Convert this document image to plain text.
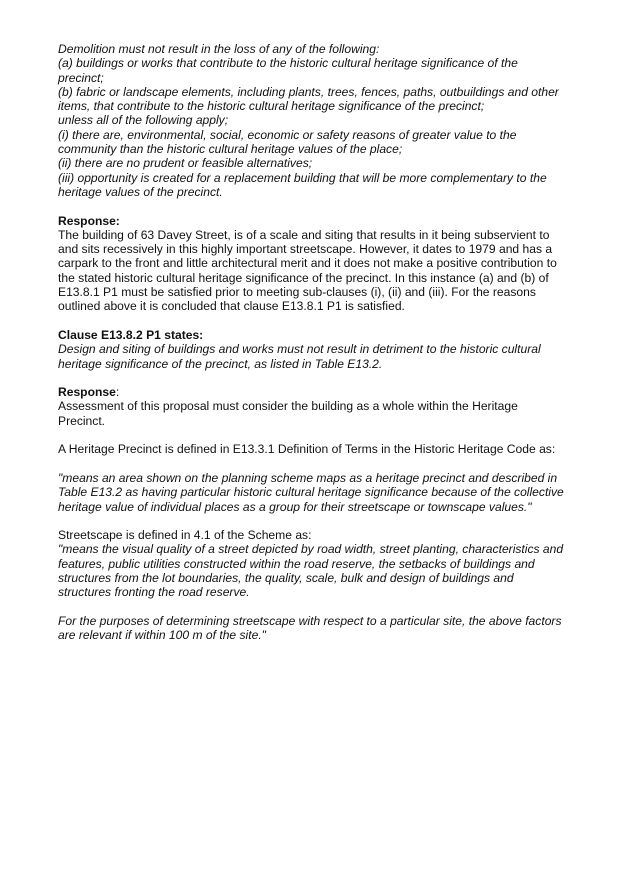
Demolition must not result in the loss of any of the following:

(a) buildings or works that contribute to the historic cultural heritage significance of the precinct;

(b) fabric or landscape elements, including plants, trees, fences, paths, outbuildings and other items, that contribute to the historic cultural heritage significance of the precinct;

unless all of the following apply;

(i) there are, environmental, social, economic or safety reasons of greater value to the community than the historic cultural heritage values of the place;

(ii) there are no prudent or feasible alternatives;

(iii) opportunity is created for a replacement building that will be more complementary to the heritage values of the precinct.

Response:

The building of 63 Davey Street, is of a scale and siting that results in it being subservient to and sits recessively in this highly important streetscape. However, it dates to 1979 and has a carpark to the front and little architectural merit and it does not make a positive contribution to the stated historic cultural heritage significance of the precinct. In this instance (a) and (b) of E13.8.1 P1 must be satisfied prior to meeting sub-clauses (i), (ii) and (iii). For the reasons outlined above it is concluded that clause E13.8.1 P1 is satisfied.

Clause E13.8.2 P1 states:

Design and siting of buildings and works must not result in detriment to the historic cultural heritage significance of the precinct, as listed in Table E13.2.

Response:

Assessment of this proposal must consider the building as a whole within the Heritage Precinct.

A Heritage Precinct is defined in E13.3.1 Definition of Terms in the Historic Heritage Code as:

"means an area shown on the planning scheme maps as a heritage precinct and described in Table E13.2 as having particular historic cultural heritage significance because of the collective heritage value of individual places as a group for their streetscape or townscape values."

Streetscape is defined in 4.1 of the Scheme as:

"means the visual quality of a street depicted by road width, street planting, characteristics and features, public utilities constructed within the road reserve, the setbacks of buildings and structures from the lot boundaries, the quality, scale, bulk and design of buildings and structures fronting the road reserve.

For the purposes of determining streetscape with respect to a particular site, the above factors are relevant if within 100 m of the site."
